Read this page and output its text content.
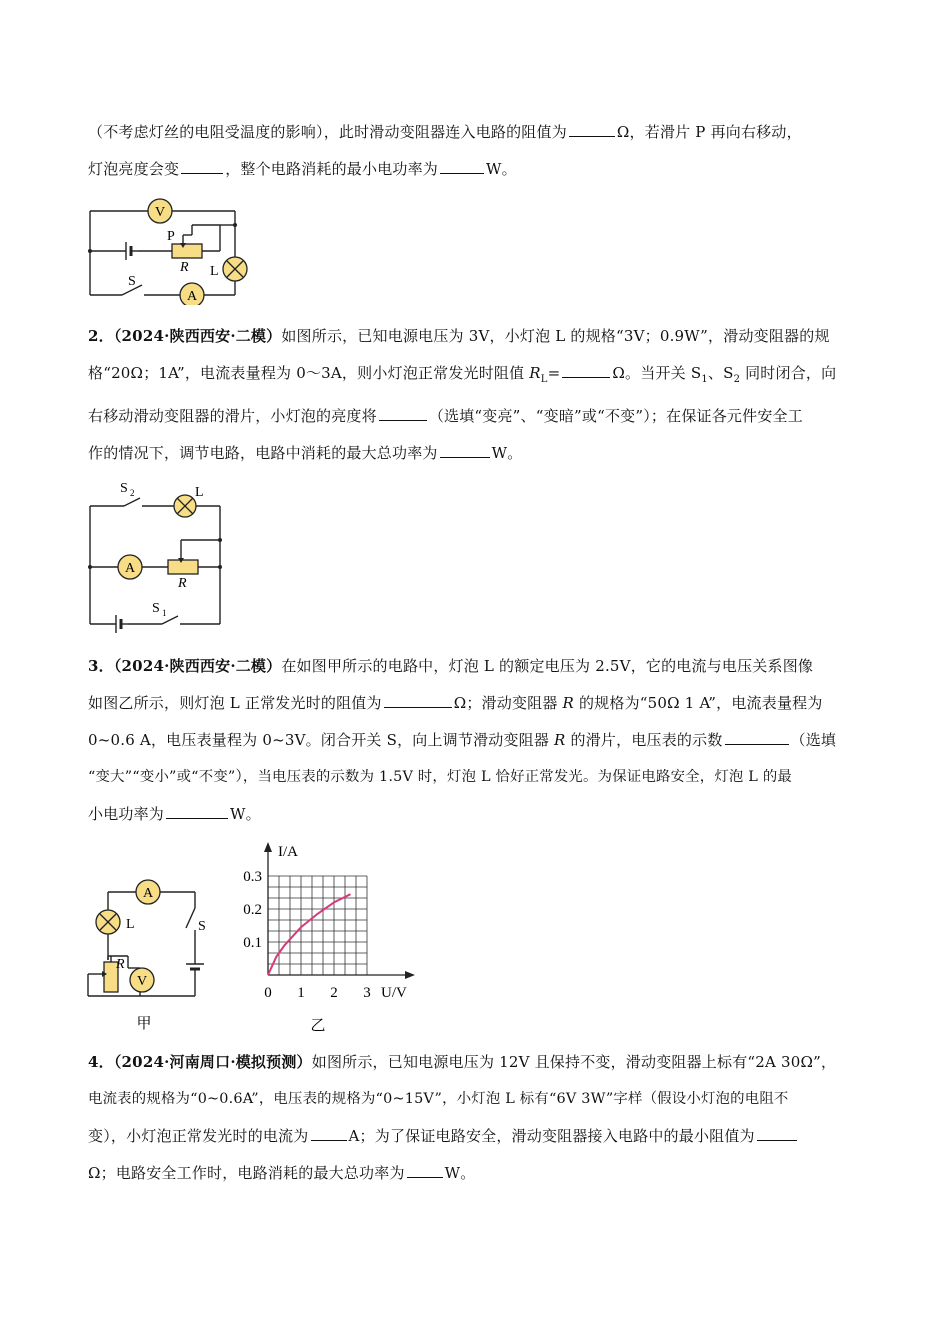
（不考虑灯丝的电阻受温度的影响），此时滑动变阻器连入电路的阻值为	Ω，若滑片 P 再向右移动，
灯泡亮度会变	，整个电路消耗的最小电功率为	W。
V
A
P
R L
S
2．（2024·陕西西安·二模）如图所示，已知电源电压为 3V，小灯泡 L 的规格“3V；0.9W”，滑动变阻器的规
格“20Ω；1A”，电流表量程为 0～3A，则小灯泡正常发光时阻值 $R_L=$	Ω。当开关 $S_1$、$S_2$ 同时闭合，向
右移动滑动变阻器的滑片，小灯泡的亮度将	（选填“变亮”、“变暗”或“不变”）；在保证各元件安全工
作的情况下，调节电路，电路中消耗的最大总功率为	W。
A
S 2	L
R
S 1
3．（2024·陕西西安·二模）在如图甲所示的电路中，灯泡 L 的额定电压为 2.5V，它的电流与电压关系图像
如图乙所示，则灯泡 L 正常发光时的阻值为	Ω；滑动变阻器 R 的规格为“50Ω 1 A”，电流表量程为
0~0.6 A，电压表量程为 0~3V。闭合开关 S，向上调节滑动变阻器 R 的滑片，电压表的示数	（选填
“变大”“变小”或“不变”），当电压表的示数为 1.5V 时，灯泡 L 恰好正常发光。为保证电路安全，灯泡 L 的最
小电功率为	W。
A
V
L	S
R
甲
0 1 2 3
0.1
0.2
0.3
I/A
U/V
乙
4．（2024·河南周口·模拟预测）如图所示，已知电源电压为 12V 且保持不变，滑动变阻器上标有“2A 30Ω”，
电流表的规格为“0~0.6A”，电压表的规格为“0~15V”，小灯泡 L 标有“6V 3W”字样（假设小灯泡的电阻不
变），小灯泡正常发光时的电流为	A；为了保证电路安全，滑动变阻器接入电路中的最小阻值为
Ω；电路安全工作时，电路消耗的最大总功率为	W。
